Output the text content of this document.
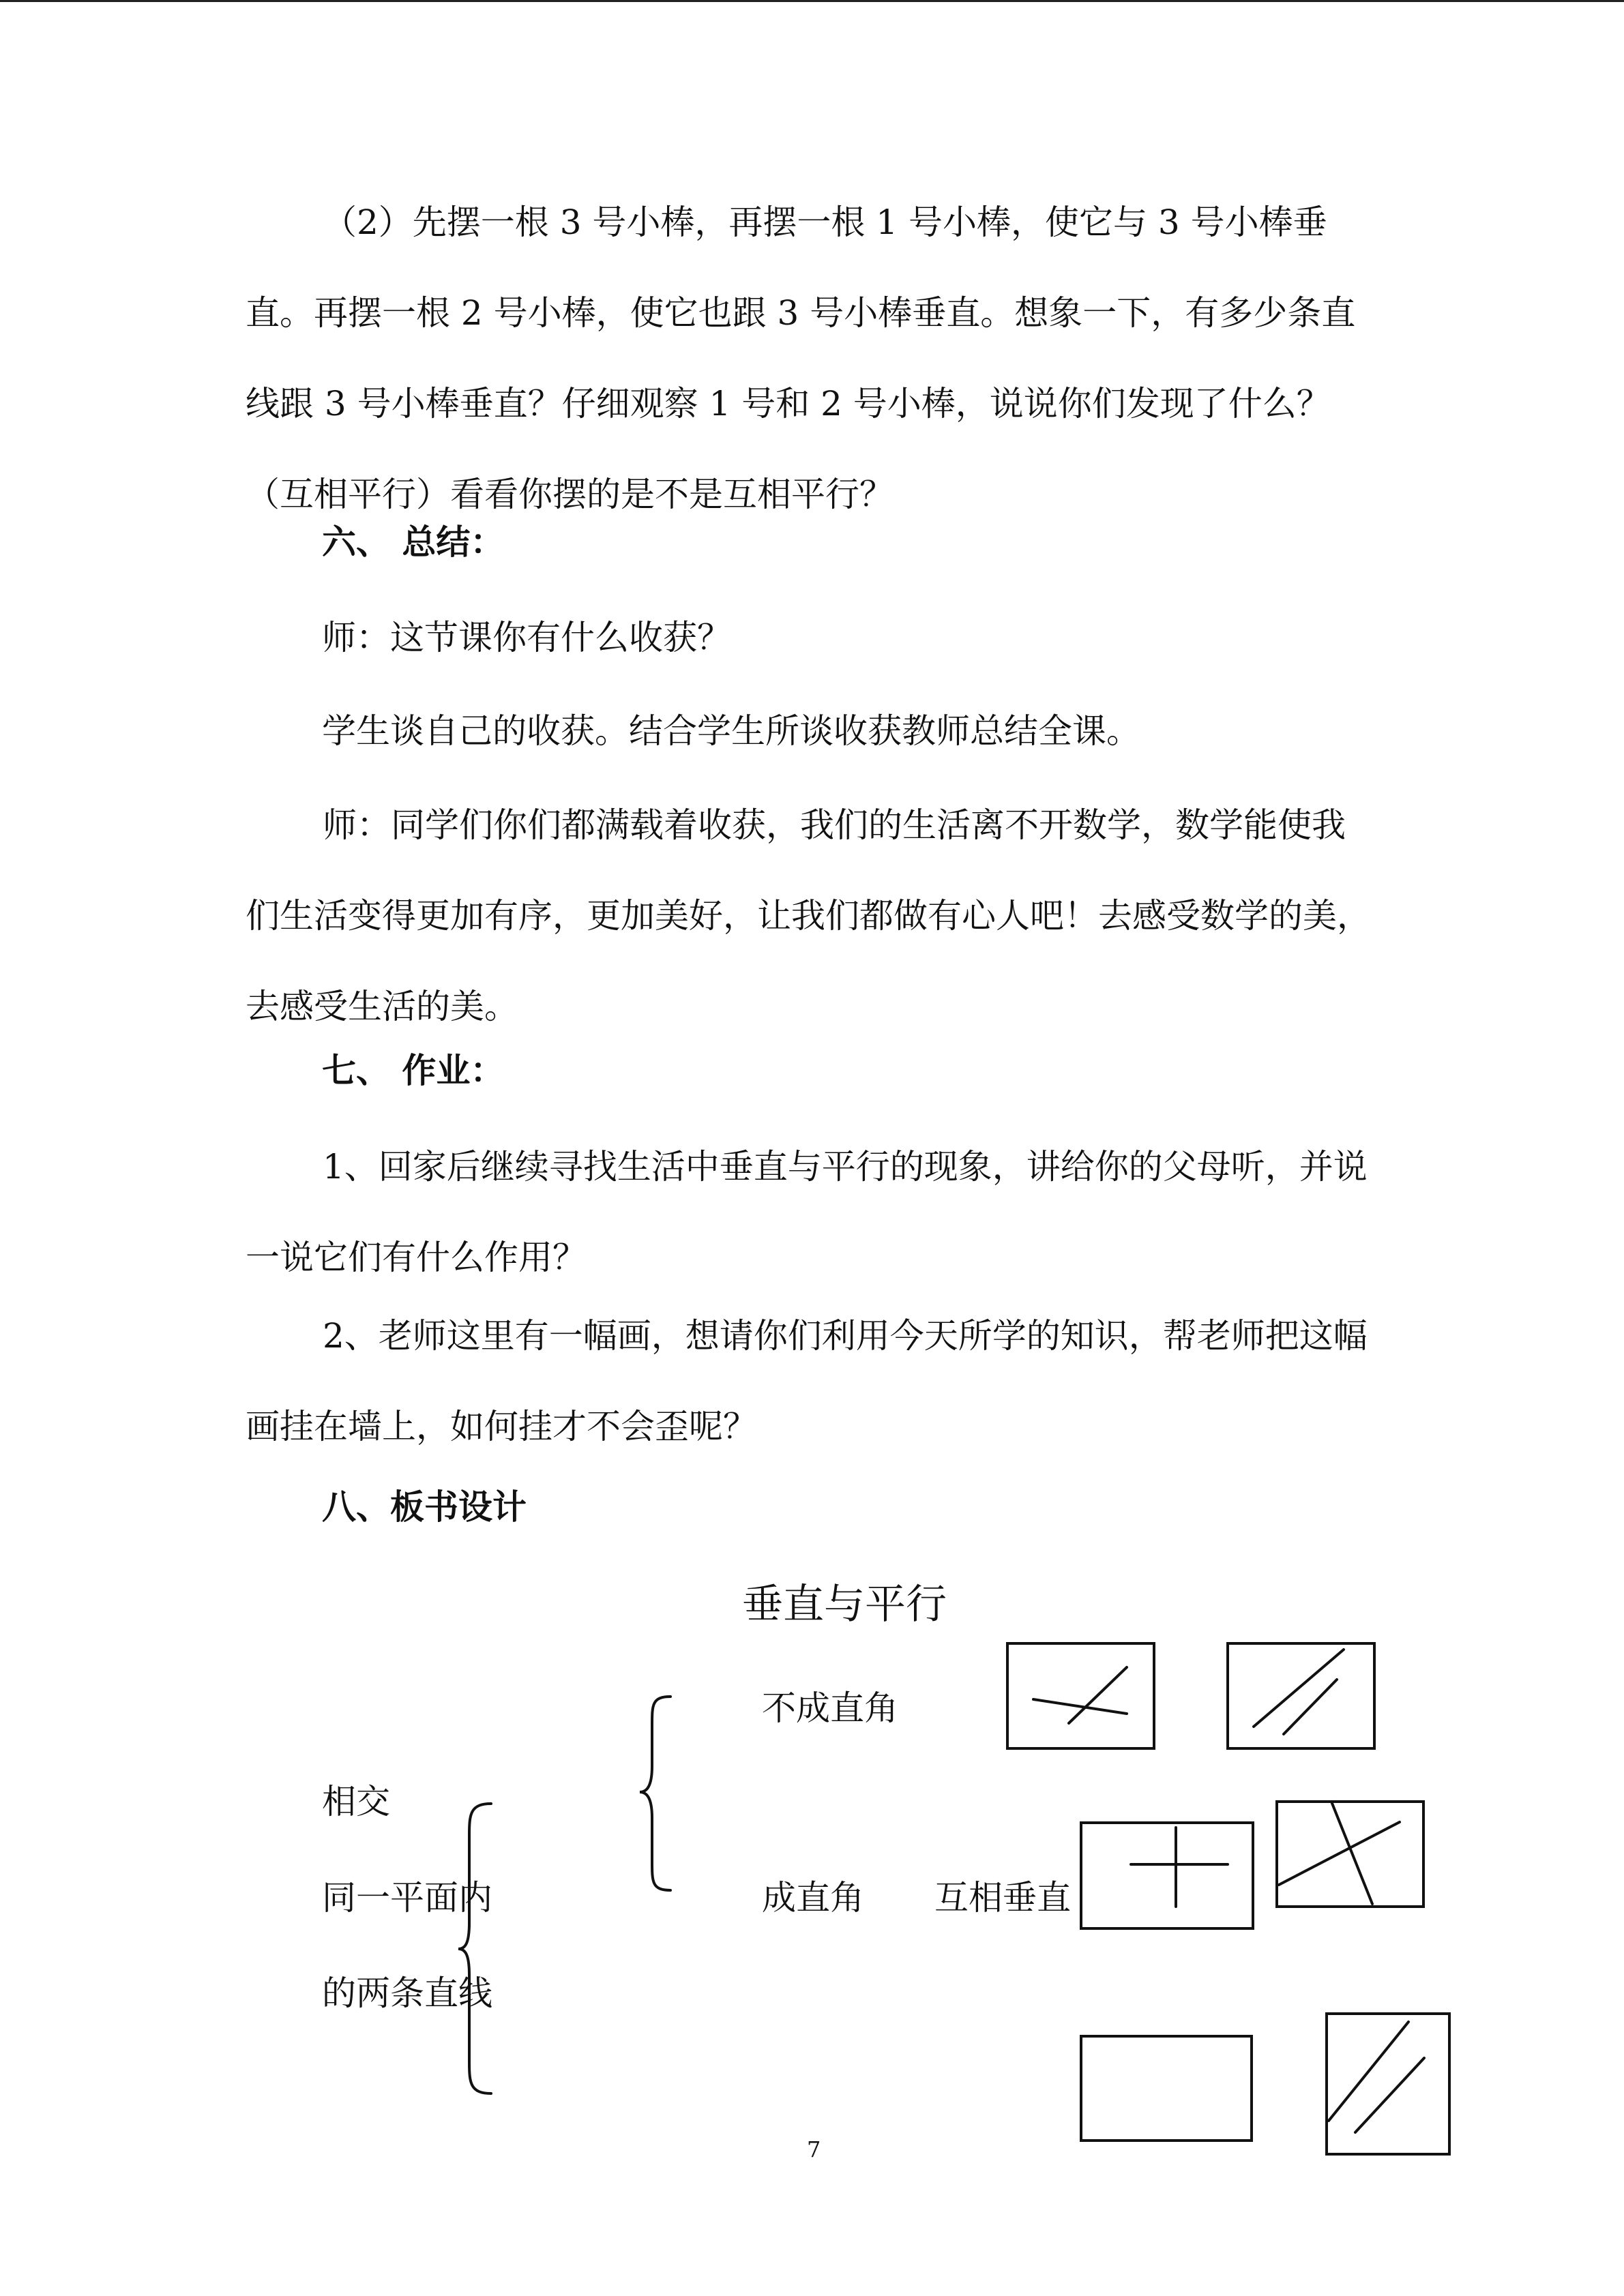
（2）先摆一根 3 号小棒，再摆一根 1 号小棒，使它与 3 号小棒垂直。再摆一根 2 号小棒，使它也跟 3 号小棒垂直。想象一下，有多少条直线跟 3 号小棒垂直？仔细观察 1 号和 2 号小棒，说说你们发现了什么？（互相平行）看看你摆的是不是互相平行？

六、 总结：
师：这节课你有什么收获？
学生谈自己的收获。结合学生所谈收获教师总结全课。

师：同学们你们都满载着收获，我们的生活离不开数学，数学能使我们生活变得更加有序，更加美好，让我们都做有心人吧！去感受数学的美，去感受生活的美。

七、 作业：

1、回家后继续寻找生活中垂直与平行的现象，讲给你的父母听，并说一说它们有什么作用？

2、老师这里有一幅画，想请你们利用今天所学的知识，帮老师把这幅画挂在墙上，如何挂才不会歪呢？

八、板书设计
垂直与平行
不成直角
相交
同一平面内	成直角 互相垂直
的两条直线
7
